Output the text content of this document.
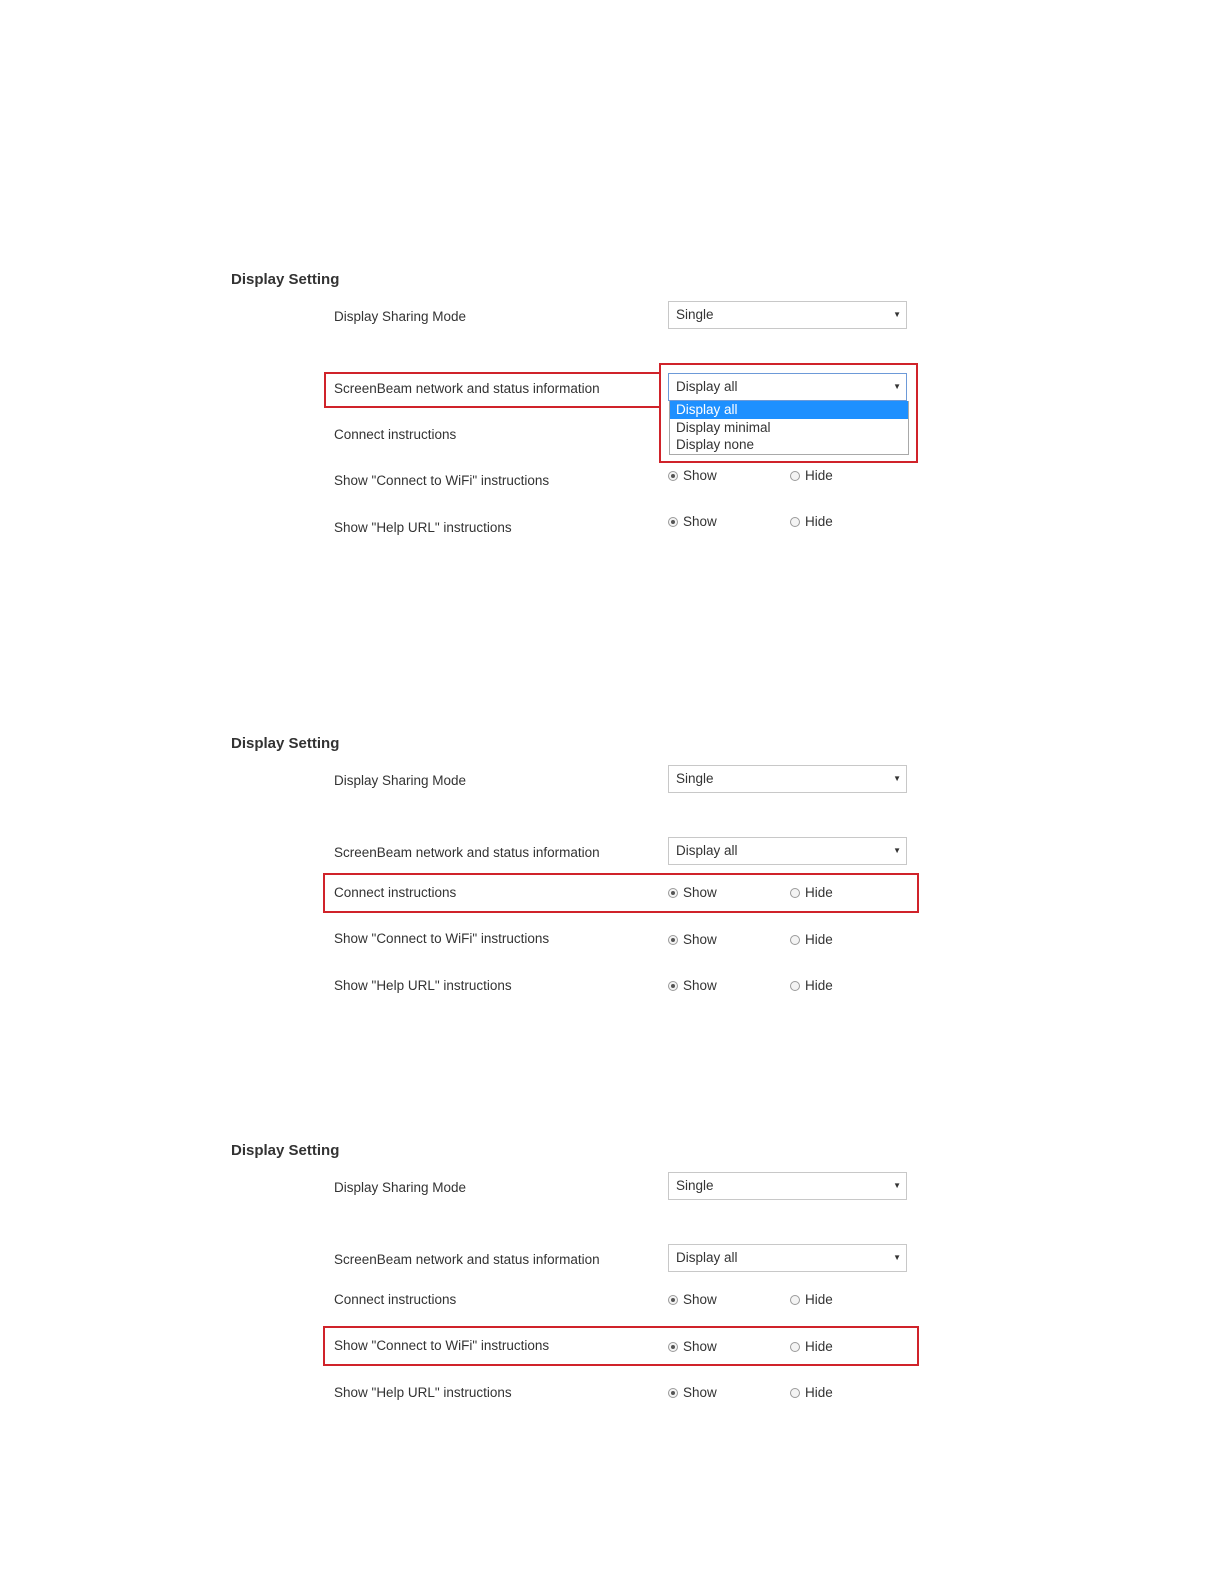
Display Setting
Display Sharing Mode	Single	▼
ScreenBeam network and status information	Display all	▼
Display all
Display minimal
Display none
Connect instructions
Show "Connect to WiFi" instructions	Show	Hide
Show "Help URL" instructions	Show	Hide
Display Setting
Display Sharing Mode	Single	▼
ScreenBeam network and status information	Display all	▼
Connect instructions	Show	Hide
Show "Connect to WiFi" instructions	Show	Hide
Show "Help URL" instructions	Show	Hide
Display Setting
Display Sharing Mode	Single	▼
ScreenBeam network and status information	Display all	▼
Connect instructions	Show	Hide
Show "Connect to WiFi" instructions	Show	Hide
Show "Help URL" instructions	Show	Hide
